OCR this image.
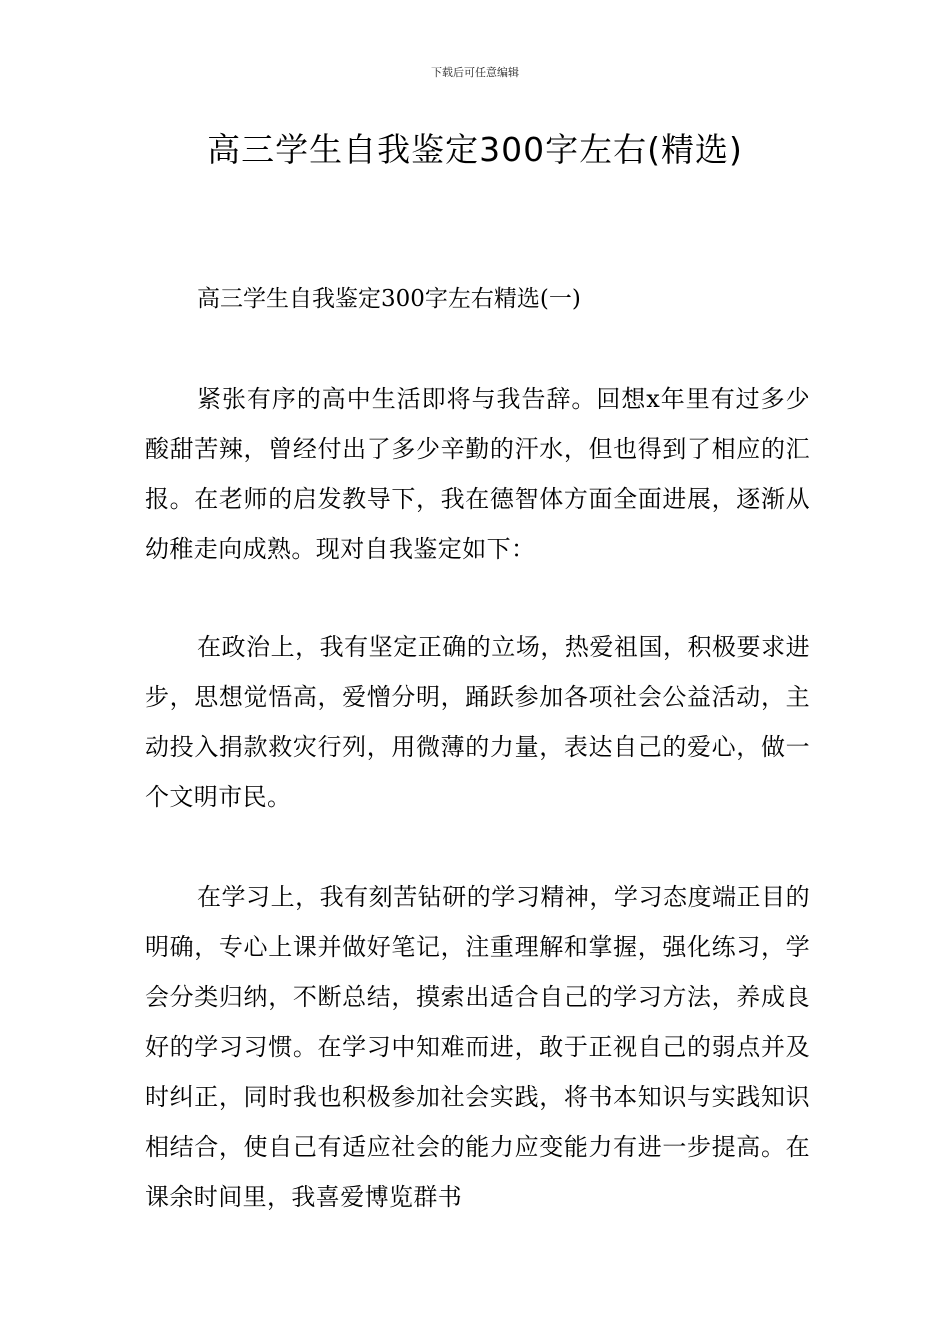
下载后可任意编辑
高三学生自我鉴定300字左右(精选)
高三学生自我鉴定300字左右精选(一)

紧张有序的高中生活即将与我告辞。回想x年里有过多少酸甜苦辣，曾经付出了多少辛勤的汗水，但也得到了相应的汇报。在老师的启发教导下，我在德智体方面全面进展，逐渐从幼稚走向成熟。现对自我鉴定如下：

在政治上，我有坚定正确的立场，热爱祖国，积极要求进步，思想觉悟高，爱憎分明，踊跃参加各项社会公益活动，主动投入捐款救灾行列，用微薄的力量，表达自己的爱心，做一个文明市民。

在学习上，我有刻苦钻研的学习精神，学习态度端正目的明确，专心上课并做好笔记，注重理解和掌握，强化练习，学会分类归纳，不断总结，摸索出适合自己的学习方法，养成良好的学习习惯。在学习中知难而进，敢于正视自己的弱点并及时纠正，同时我也积极参加社会实践，将书本知识与实践知识相结合，使自己有适应社会的能力应变能力有进一步提高。在课余时间里，我喜爱博览群书
